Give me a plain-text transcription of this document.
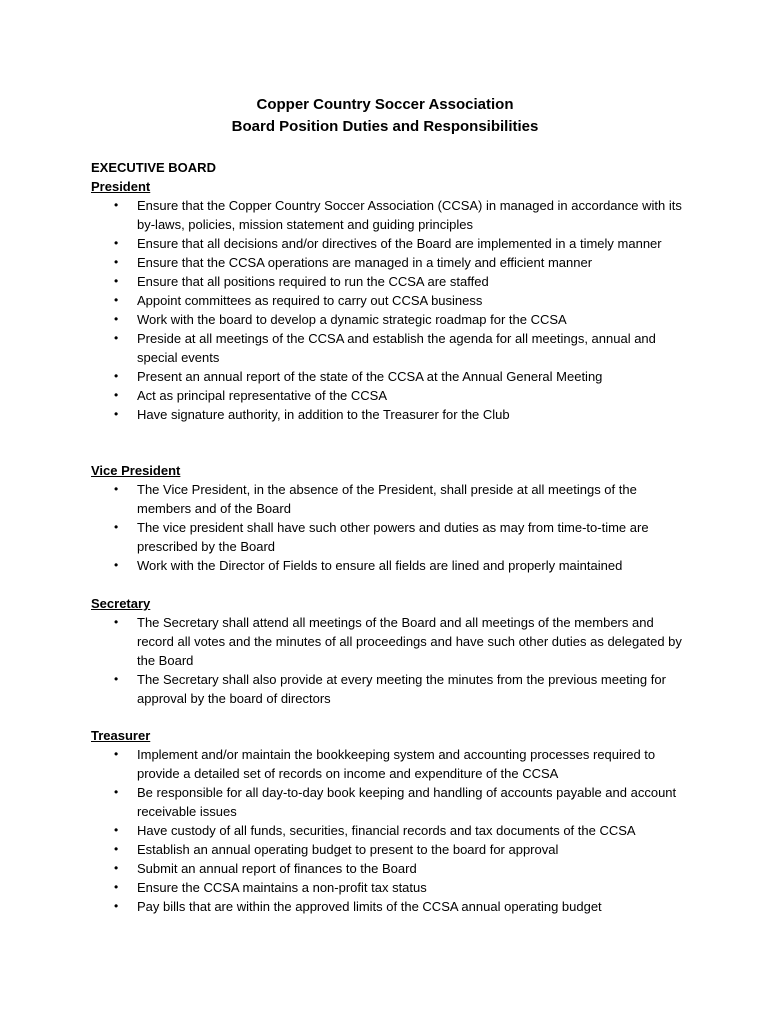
Copper Country Soccer Association
Board Position Duties and Responsibilities
EXECUTIVE BOARD
President
• Ensure that the Copper Country Soccer Association (CCSA) in managed in accordance with its by-laws, policies, mission statement and guiding principles
• Ensure that all decisions and/or directives of the Board are implemented in a timely manner
• Ensure that the CCSA operations are managed in a timely and efficient manner
• Ensure that all positions required to run the CCSA are staffed
• Appoint committees as required to carry out CCSA business
• Work with the board to develop a dynamic strategic roadmap for the CCSA
• Preside at all meetings of the CCSA and establish the agenda for all meetings, annual and special events
• Present an annual report of the state of the CCSA at the Annual General Meeting
• Act as principal representative of the CCSA
• Have signature authority, in addition to the Treasurer for the Club
Vice President
• The Vice President, in the absence of the President, shall preside at all meetings of the members and of the Board
• The vice president shall have such other powers and duties as may from time-to-time are prescribed by the Board
• Work with the Director of Fields to ensure all fields are lined and properly maintained
Secretary
• The Secretary shall attend all meetings of the Board and all meetings of the members and record all votes and the minutes of all proceedings and have such other duties as delegated by the Board
• The Secretary shall also provide at every meeting the minutes from the previous meeting for approval by the board of directors
Treasurer
• Implement and/or maintain the bookkeeping system and accounting processes required to provide a detailed set of records on income and expenditure of the CCSA
• Be responsible for all day-to-day book keeping and handling of accounts payable and account receivable issues
• Have custody of all funds, securities, financial records and tax documents of the CCSA
• Establish an annual operating budget to present to the board for approval
• Submit an annual report of finances to the Board
• Ensure the CCSA maintains a non-profit tax status
• Pay bills that are within the approved limits of the CCSA annual operating budget
